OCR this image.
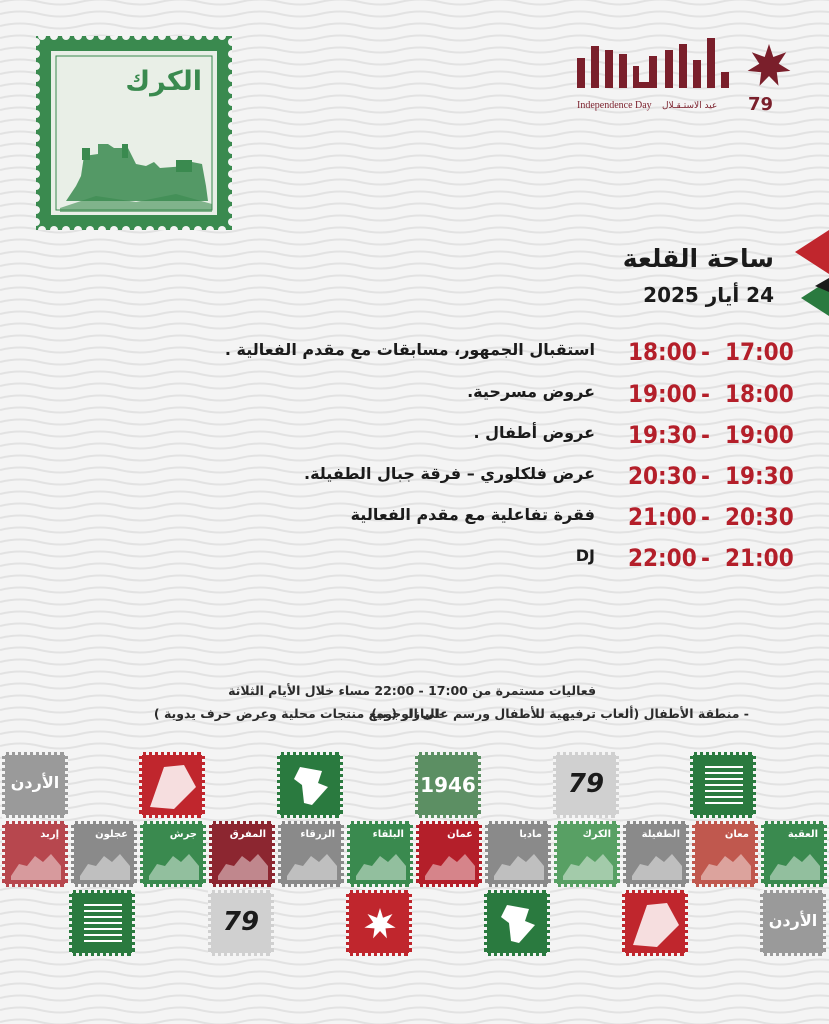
الكرك
79
عيد الاستـقـلال
Independence Day
ساحة القلعة
24 أيار 2025
18:00 - 17:00
استقبال الجمهور، مسابقات مع مقدم الفعالية .
19:00 - 18:00
عروض مسرحية.
19:30 - 19:00
عروض أطفال .
20:30 - 19:30
عرض فلكلوري – فرقة جبال الطفيلة.
21:00 - 20:30
فقرة تفاعلية مع مقدم الفعالية
22:00 - 21:00
DJ
فعاليات مستمرة من 17:00 - 22:00 مساء خلال الأيام الثلاثة
-البازار ( بيع منتجات محلية وعرض حرف يدوية )
- منطقة الأطفال (ألعاب ترفيهية للأطفال ورسم على الوجوه)
الأردن	1946	79
إربد	عجلون	جرش	المفرق	الزرقاء	البلقاء	عمان	مادبا	الكرك	الطفيلة	معان	العقبة
79	الأردن
